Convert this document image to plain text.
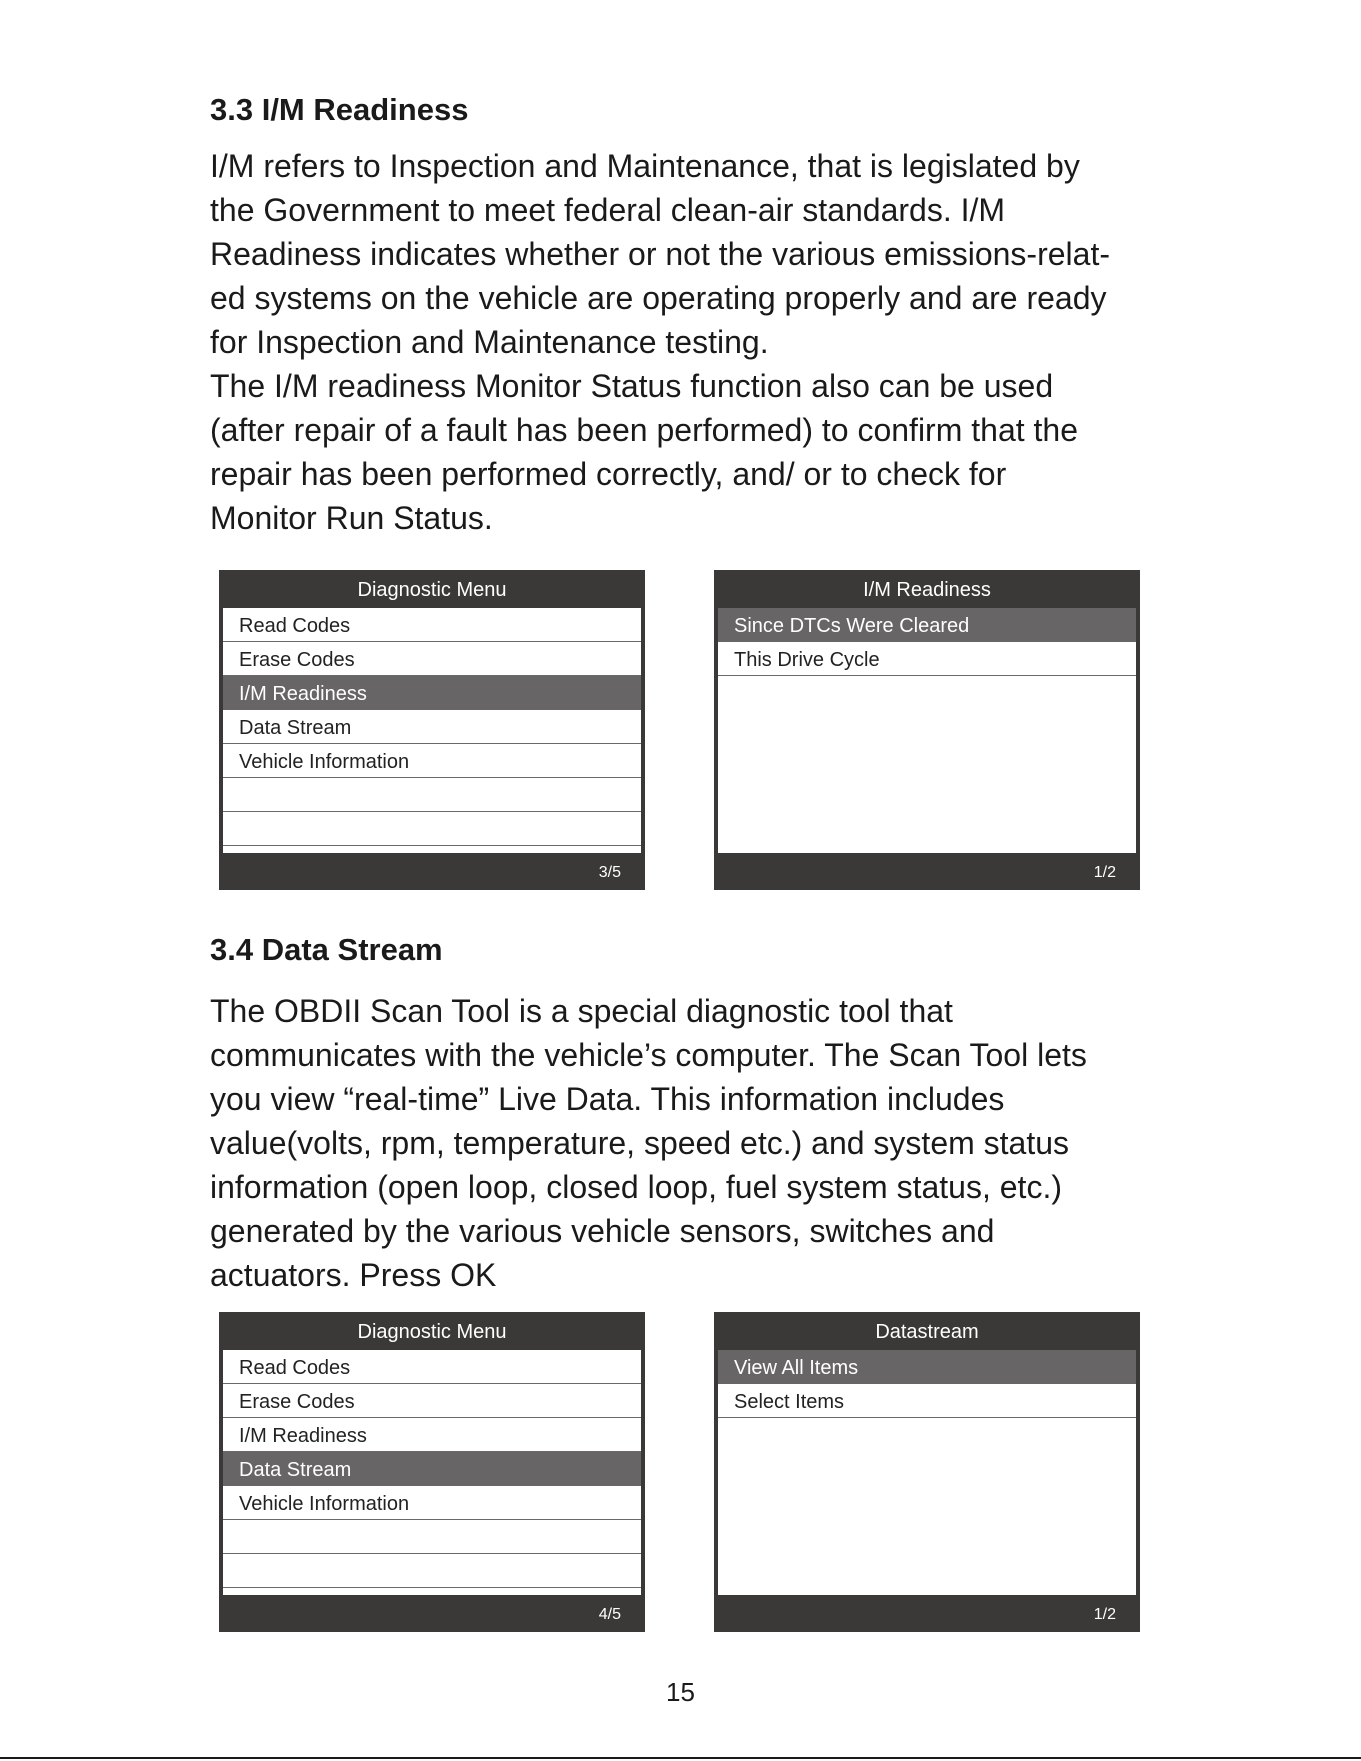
3.3 I/M Readiness
I/M refers to Inspection and Maintenance, that is legislated by
the Government to meet federal clean-air standards. I/M
Readiness indicates whether or not the various emissions-relat-
ed systems on the vehicle are operating properly and are ready
for Inspection and Maintenance testing.
The I/M readiness Monitor Status function also can be used
(after repair of a fault has been performed) to confirm that the
repair has been performed correctly, and/ or to check for
Monitor Run Status.
Diagnostic Menu
Read Codes
Erase Codes
I/M Readiness
Data Stream
Vehicle Information
3/5
I/M Readiness
Since DTCs Were Cleared
This Drive Cycle
1/2
3.4 Data Stream
The OBDII Scan Tool is a special diagnostic tool that
communicates with the vehicle’s computer. The Scan Tool lets
you view “real-time” Live Data. This information includes
value(volts, rpm, temperature, speed etc.) and system status
information (open loop, closed loop, fuel system status, etc.)
generated by the various vehicle sensors, switches and
actuators. Press OK
Diagnostic Menu
Read Codes
Erase Codes
I/M Readiness
Data Stream
Vehicle Information
4/5
Datastream
View All Items
Select Items
1/2
15
